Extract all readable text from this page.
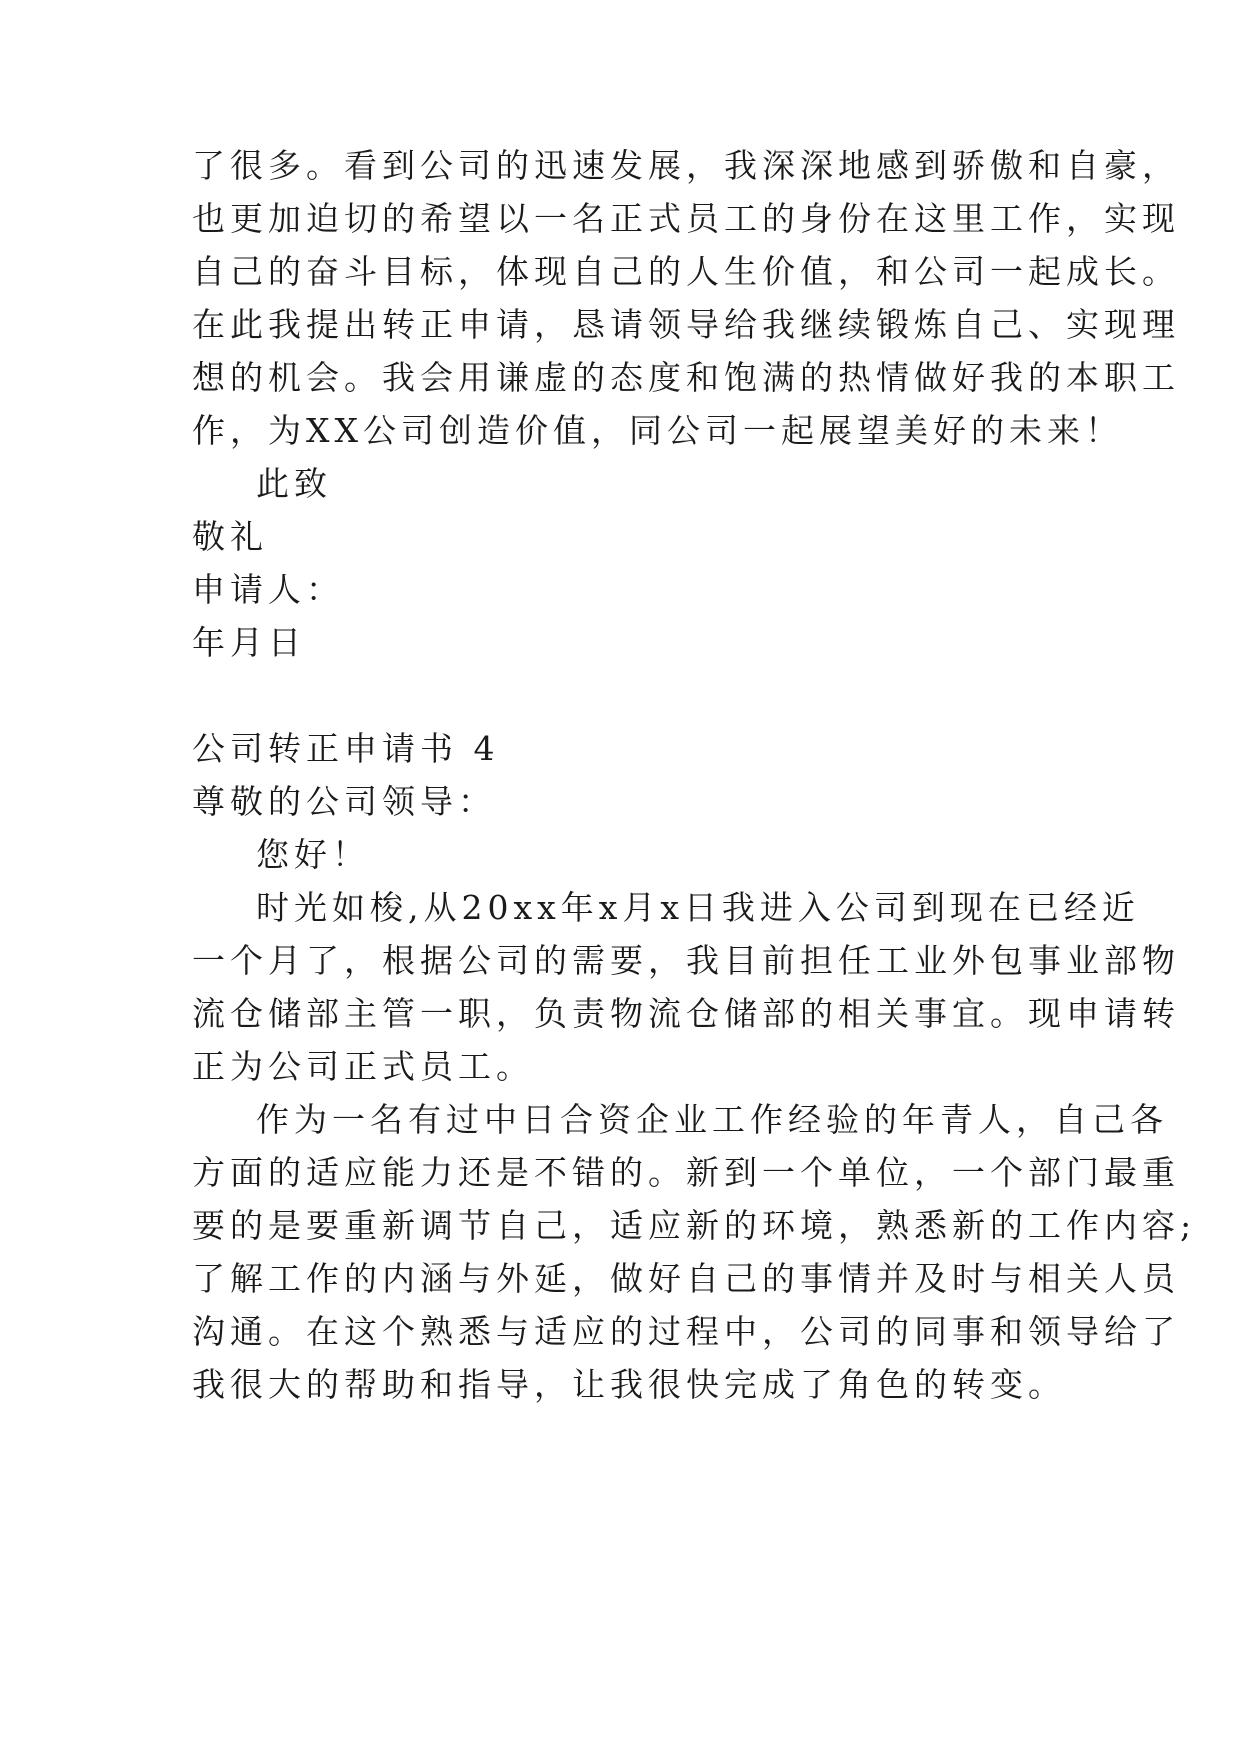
了很多。看到公司的迅速发展，我深深地感到骄傲和自豪，
也更加迫切的希望以一名正式员工的身份在这里工作，实现
自己的奋斗目标，体现自己的人生价值，和公司一起成长。
在此我提出转正申请，恳请领导给我继续锻炼自己、实现理
想的机会。我会用谦虚的态度和饱满的热情做好我的本职工
作，为XX公司创造价值，同公司一起展望美好的未来！
此致
敬礼
申请人：
年月日
公司转正申请书 4
尊敬的公司领导：
您好！
时光如梭,从20xx年x月x日我进入公司到现在已经近
一个月了，根据公司的需要，我目前担任工业外包事业部物
流仓储部主管一职，负责物流仓储部的相关事宜。现申请转
正为公司正式员工。
作为一名有过中日合资企业工作经验的年青人，自己各
方面的适应能力还是不错的。新到一个单位，一个部门最重
要的是要重新调节自己，适应新的环境，熟悉新的工作内容;
了解工作的内涵与外延，做好自己的事情并及时与相关人员
沟通。在这个熟悉与适应的过程中，公司的同事和领导给了
我很大的帮助和指导，让我很快完成了角色的转变。
